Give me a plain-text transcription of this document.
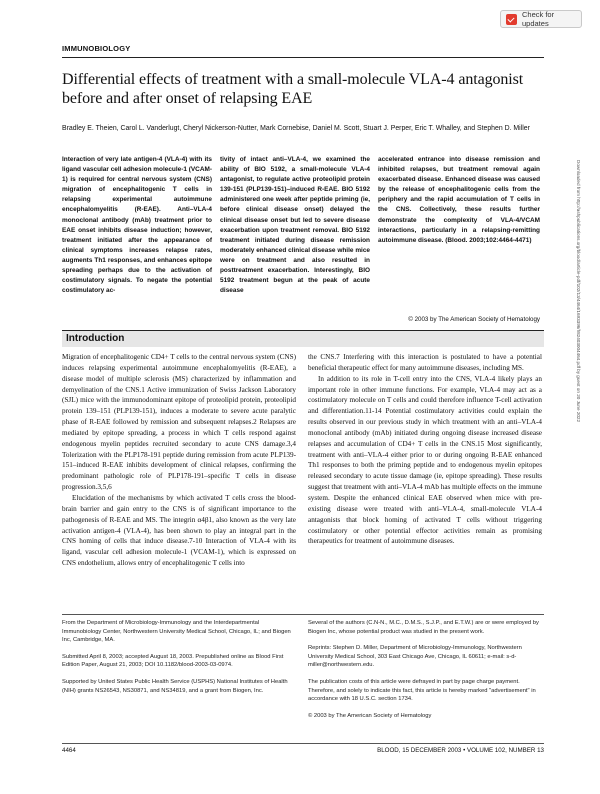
IMMUNOBIOLOGY
Check for updates
Differential effects of treatment with a small-molecule VLA-4 antagonist before and after onset of relapsing EAE
Bradley E. Theien, Carol L. Vanderlugt, Cheryl Nickerson-Nutter, Mark Cornebise, Daniel M. Scott, Stuart J. Perper, Eric T. Whalley, and Stephen D. Miller
Interaction of very late antigen-4 (VLA-4) with its ligand vascular cell adhesion molecule-1 (VCAM-1) is required for central nervous system (CNS) migration of encephalitogenic T cells in relapsing experimental autoimmune encephalomyelitis (R-EAE). Anti–VLA-4 monoclonal antibody (mAb) treatment prior to EAE onset inhibits disease induction; however, treatment initiated after the appearance of clinical symptoms increases relapse rates, augments Th1 responses, and enhances epitope spreading perhaps due to the activation of costimulatory signals. To negate the potential costimulatory ac-
tivity of intact anti–VLA-4, we examined the ability of BIO 5192, a small-molecule VLA-4 antagonist, to regulate active proteolipid protein 139-151 (PLP139-151)–induced R-EAE. BIO 5192 administered one week after peptide priming (ie, before clinical disease onset) delayed the clinical disease onset but led to severe disease exacerbation upon treatment removal. BIO 5192 treatment initiated during disease remission moderately enhanced clinical disease while mice were on treatment and also resulted in posttreatment exacerbation. Interestingly, BIO 5192 treatment begun at the peak of acute disease
accelerated entrance into disease remission and inhibited relapses, but treatment removal again exacerbated disease. Enhanced disease was caused by the release of encephalitogenic cells from the periphery and the rapid accumulation of T cells in the CNS. Collectively, these results further demonstrate the complexity of VLA-4/VCAM interactions, particularly in a relapsing-remitting autoimmune disease. (Blood. 2003;102:4464-4471)
© 2003 by The American Society of Hematology
Introduction

Migration of encephalitogenic CD4+ T cells to the central nervous system (CNS) induces relapsing experimental autoimmune encephalomyelitis (R-EAE), a disease model of multiple sclerosis (MS) characterized by inflammation and demyelination of the CNS.1 Active immunization of Swiss Jackson Laboratory (SJL) mice with the immunodominant epitope of proteolipid protein, proteolipid protein 139–151 (PLP139-151), induces a moderate to severe acute paralytic phase of R-EAE followed by remission and subsequent relapses.2 Relapses are mediated by epitope spreading, a process in which T cells respond against endogenous myelin peptides recruited secondary to acute CNS damage.3,4 Tolerization with the PLP178-191 peptide during remission from acute PLP139-151–induced R-EAE inhibits development of clinical relapses, confirming the predominant pathologic role of PLP178-191–specific T cells in disease progression.3,5,6

Elucidation of the mechanisms by which activated T cells cross the blood-brain barrier and gain entry to the CNS is of significant importance to the pathogenesis of R-EAE and MS. The integrin α4β1, also known as the very late activation antigen-4 (VLA-4), has been shown to play an integral part in the CNS homing of cells that induce disease.7-10 Interaction of VLA-4 with its ligand, vascular cell adhesion molecule-1 (VCAM-1), which is expressed on CNS endothelium, allows entry of encephalitogenic T cells into

the CNS.7 Interfering with this interaction is postulated to have a potential beneficial therapeutic effect for many autoimmune diseases, including MS.

In addition to its role in T-cell entry into the CNS, VLA-4 likely plays an important role in other immune functions. For example, VLA-4 may act as a costimulatory molecule on T cells and could therefore influence T-cell activation and differentiation.11-14 Potential costimulatory activities could explain the results observed in our previous study in which treatment with an anti–VLA-4 monoclonal antibody (mAb) initiated during ongoing disease increased disease relapses and accumulation of CD4+ T cells in the CNS.15 Most significantly, treatment with anti–VLA-4 either prior to or during ongoing R-EAE enhanced Th1 responses to both the priming peptide and to endogenous myelin epitopes released secondary to acute tissue damage (ie, epitope spreading). These results suggest that treatment with anti–VLA-4 mAb has multiple effects on the immune system. Despite the enhanced clinical EAE observed when mice with pre-existing disease were treated with anti–VLA-4, small-molecule VLA-4 antagonists that block homing of activated T cells without triggering costimulatory or other potential effector activities remain as promising therapeutics for treatment of autoimmune diseases.

From the Department of Microbiology-Immunology and the Interdepartmental Immunobiology Center, Northwestern University Medical School, Chicago, IL; and Biogen Inc, Cambridge, MA.

Submitted April 8, 2003; accepted August 18, 2003. Prepublished online as Blood First Edition Paper, August 21, 2003; DOI 10.1182/blood-2003-03-0974.

Supported by United States Public Health Service (USPHS) National Institutes of Health (NIH) grants NS26543, NS30871, and NS34819, and a grant from Biogen, Inc.

Several of the authors (C.N-N., M.C., D.M.S., S.J.P., and E.T.W.) are or were employed by Biogen Inc, whose potential product was studied in the present work.

Reprints: Stephen D. Miller, Department of Microbiology-Immunology, Northwestern University Medical School, 303 East Chicago Ave, Chicago, IL 60611; e-mail: s-d-miller@northwestern.edu.

The publication costs of this article were defrayed in part by page charge payment. Therefore, and solely to indicate this fact, this article is hereby marked "advertisement" in accordance with 18 U.S.C. section 1734.

© 2003 by The American Society of Hematology

4464	BLOOD, 15 DECEMBER 2003 • VOLUME 102, NUMBER 13
Downloaded from http://ashpublications.org/blood/article-pdf/102/13/4464/1693396/h82403004464.pdf by guest on 20 June 2022
